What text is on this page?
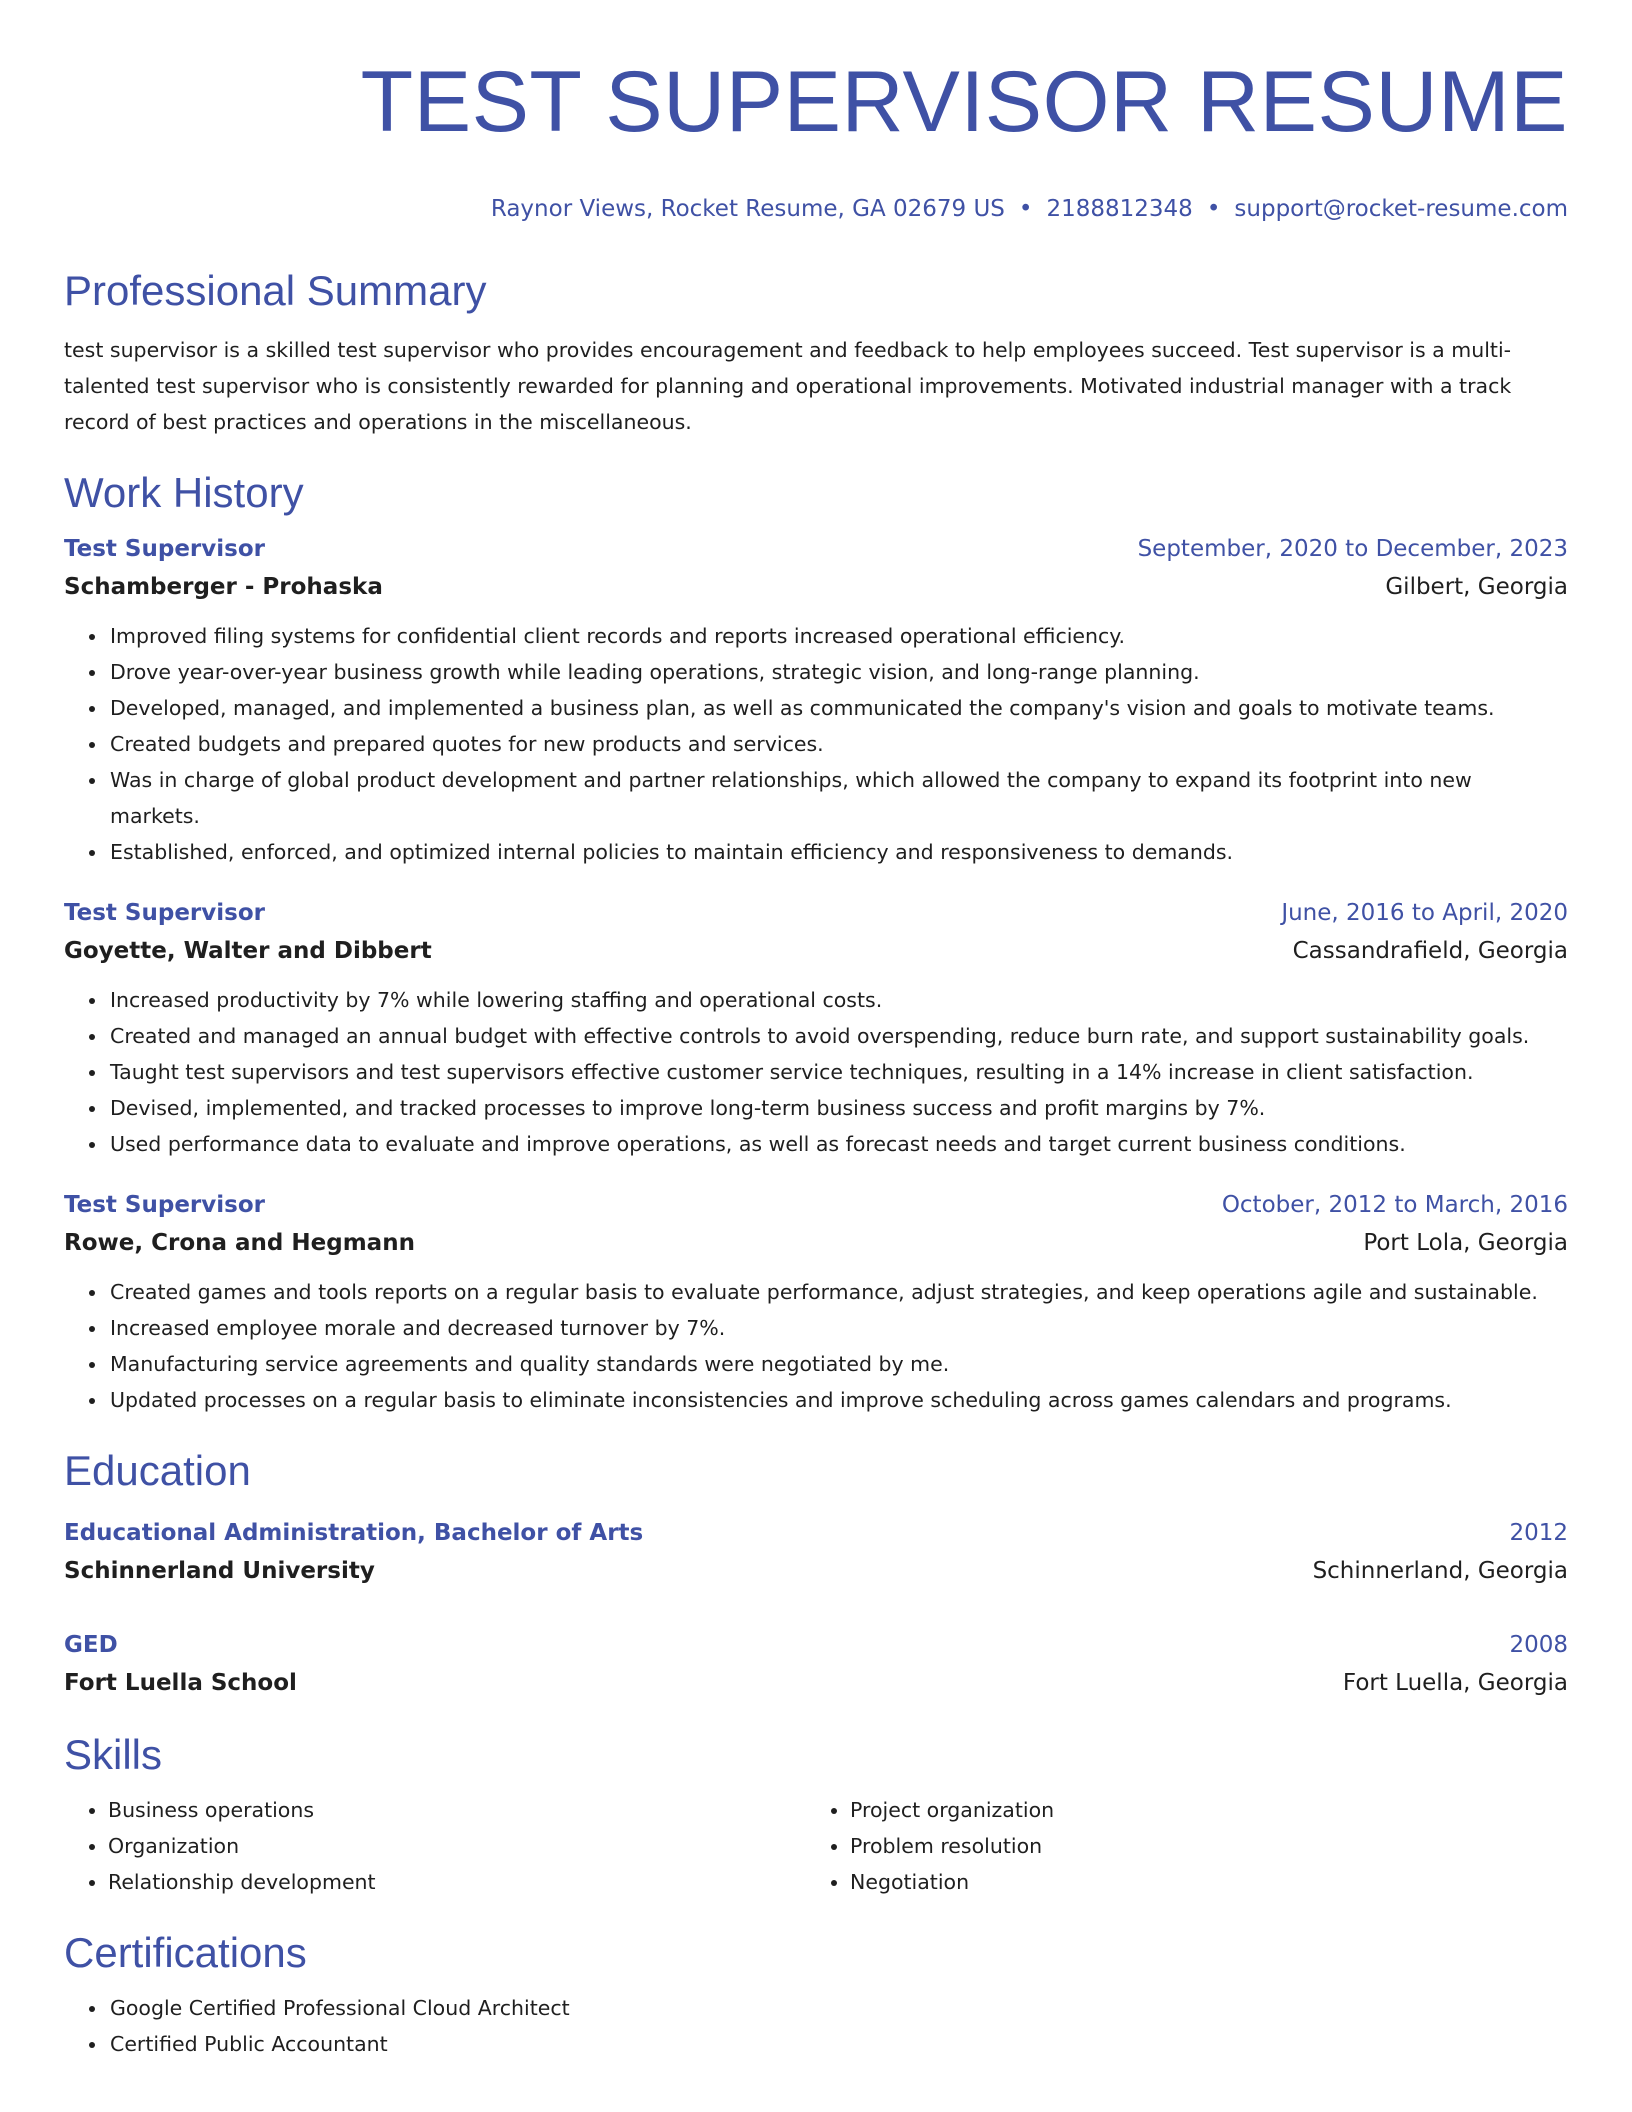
TEST SUPERVISOR RESUME
Raynor Views, Rocket Resume, GA 02679 US • 2188812348 • support@rocket-resume.com
Professional Summary
test supervisor is a skilled test supervisor who provides encouragement and feedback to help employees succeed. Test supervisor is a multi-talented test supervisor who is consistently rewarded for planning and operational improvements. Motivated industrial manager with a track record of best practices and operations in the miscellaneous.
Work History
Test Supervisor	September, 2020 to December, 2023
Schamberger - Prohaska	Gilbert, Georgia
• Improved filing systems for confidential client records and reports increased operational efficiency.
• Drove year-over-year business growth while leading operations, strategic vision, and long-range planning.
• Developed, managed, and implemented a business plan, as well as communicated the company's vision and goals to motivate teams.
• Created budgets and prepared quotes for new products and services.
• Was in charge of global product development and partner relationships, which allowed the company to expand its footprint into new markets.
• Established, enforced, and optimized internal policies to maintain efficiency and responsiveness to demands.
Test Supervisor	June, 2016 to April, 2020
Goyette, Walter and Dibbert	Cassandrafield, Georgia
• Increased productivity by 7% while lowering staffing and operational costs.
• Created and managed an annual budget with effective controls to avoid overspending, reduce burn rate, and support sustainability goals.
• Taught test supervisors and test supervisors effective customer service techniques, resulting in a 14% increase in client satisfaction.
• Devised, implemented, and tracked processes to improve long-term business success and profit margins by 7%.
• Used performance data to evaluate and improve operations, as well as forecast needs and target current business conditions.
Test Supervisor	October, 2012 to March, 2016
Rowe, Crona and Hegmann	Port Lola, Georgia
• Created games and tools reports on a regular basis to evaluate performance, adjust strategies, and keep operations agile and sustainable.
• Increased employee morale and decreased turnover by 7%.
• Manufacturing service agreements and quality standards were negotiated by me.
• Updated processes on a regular basis to eliminate inconsistencies and improve scheduling across games calendars and programs.
Education
Educational Administration, Bachelor of Arts	2012
Schinnerland University	Schinnerland, Georgia
GED	2008
Fort Luella School	Fort Luella, Georgia
Skills
• Business operations
• Organization
• Relationship development
• Project organization
• Problem resolution
• Negotiation
Certifications
• Google Certified Professional Cloud Architect
• Certified Public Accountant
